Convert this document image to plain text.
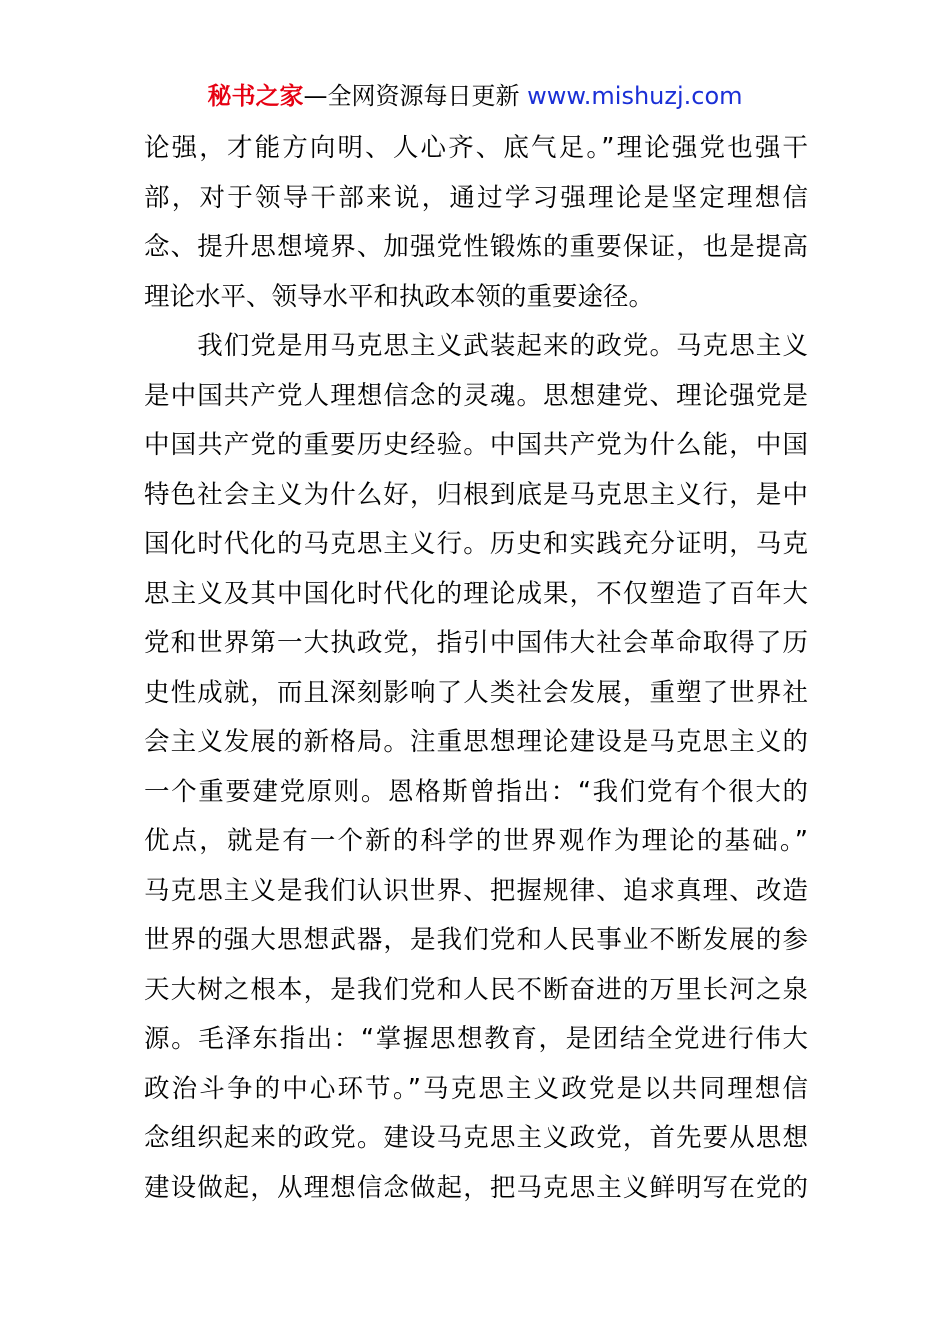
秘书之家—全网资源每日更新 www.mishuzj.com
论强，才能方向明、人心齐、底气足。”理论强党也强干
部，对于领导干部来说，通过学习强理论是坚定理想信
念、提升思想境界、加强党性锻炼的重要保证，也是提高
理论水平、领导水平和执政本领的重要途径。
　　我们党是用马克思主义武装起来的政党。马克思主义
是中国共产党人理想信念的灵魂。思想建党、理论强党是
中国共产党的重要历史经验。中国共产党为什么能，中国
特色社会主义为什么好，归根到底是马克思主义行，是中
国化时代化的马克思主义行。历史和实践充分证明，马克
思主义及其中国化时代化的理论成果，不仅塑造了百年大
党和世界第一大执政党，指引中国伟大社会革命取得了历
史性成就，而且深刻影响了人类社会发展，重塑了世界社
会主义发展的新格局。注重思想理论建设是马克思主义的
一个重要建党原则。恩格斯曾指出：“我们党有个很大的
优点，就是有一个新的科学的世界观作为理论的基础。”
马克思主义是我们认识世界、把握规律、追求真理、改造
世界的强大思想武器，是我们党和人民事业不断发展的参
天大树之根本，是我们党和人民不断奋进的万里长河之泉
源。毛泽东指出：“掌握思想教育，是团结全党进行伟大
政治斗争的中心环节。”马克思主义政党是以共同理想信
念组织起来的政党。建设马克思主义政党，首先要从思想
建设做起，从理想信念做起，把马克思主义鲜明写在党的
